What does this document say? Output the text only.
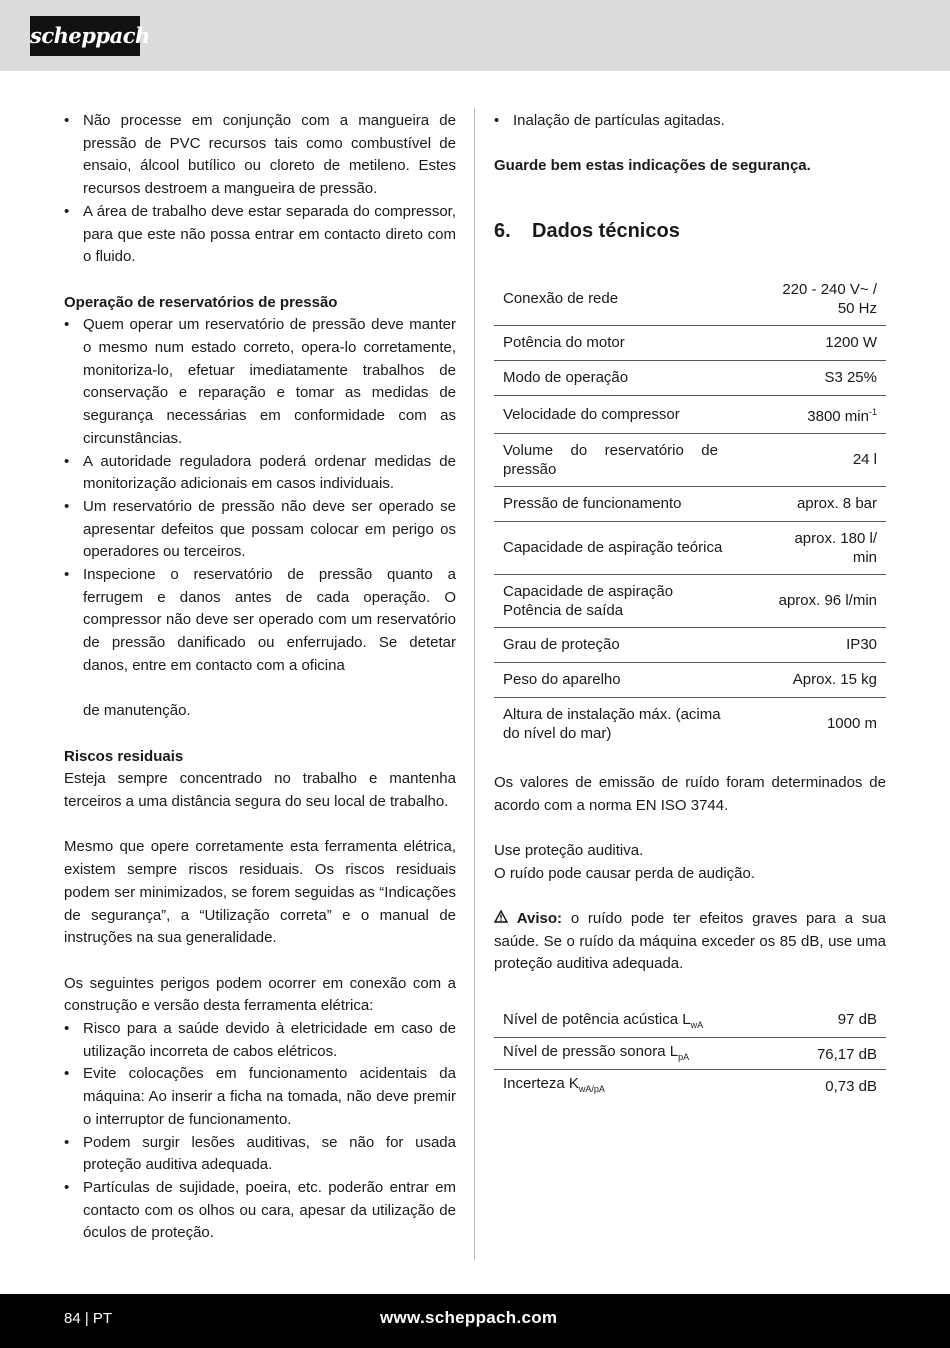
scheppach
• Não processe em conjunção com a mangueira de pressão de PVC recursos tais como combustível de ensaio, álcool butílico ou cloreto de metileno. Estes recursos destroem a mangueira de pressão.
• A área de trabalho deve estar separada do compressor, para que este não possa entrar em contacto direto com o fluido.

Operação de reservatórios de pressão

• Quem operar um reservatório de pressão deve manter o mesmo num estado correto, opera-lo corretamente, monitoriza-lo, efetuar imediatamente trabalhos de conservação e reparação e tomar as medidas de segurança necessárias em conformidade com as circunstâncias.
• A autoridade reguladora poderá ordenar medidas de monitorização adicionais em casos individuais.
• Um reservatório de pressão não deve ser operado se apresentar defeitos que possam colocar em perigo os operadores ou terceiros.
• Inspecione o reservatório de pressão quanto a ferrugem e danos antes de cada operação. O compressor não deve ser operado com um reservatório de pressão danificado ou enferrujado. Se detetar danos, entre em contacto com a oficina

de manutenção.

Riscos residuais

Esteja sempre concentrado no trabalho e mantenha terceiros a uma distância segura do seu local de trabalho.

Mesmo que opere corretamente esta ferramenta elétrica, existem sempre riscos residuais. Os riscos residuais podem ser minimizados, se forem seguidas as “Indicações de segurança”, a “Utilização correta” e o manual de instruções na sua generalidade.

Os seguintes perigos podem ocorrer em conexão com a construção e versão desta ferramenta elétrica:

• Risco para a saúde devido à eletricidade em caso de utilização incorreta de cabos elétricos.
• Evite colocações em funcionamento acidentais da máquina: Ao inserir a ficha na tomada, não deve premir o interruptor de funcionamento.
• Podem surgir lesões auditivas, se não for usada proteção auditiva adequada.
• Partículas de sujidade, poeira, etc. poderão entrar em contacto com os olhos ou cara, apesar da utilização de óculos de proteção.
• Inalação de partículas agitadas.

Guarde bem estas indicações de segurança.

6. Dados técnicos

Conexão de rede	220 - 240 V~ / 50 Hz
Potência do motor	1200 W
Modo de operação	S3 25%
Velocidade do compressor	3800 $\min^{-1}$
Volume do reservatório de pressão	24 l
Pressão de funcionamento	aprox. 8 bar
Capacidade de aspiração teórica	aprox. 180 l/ min
Capacidade de aspiração Potência de saída	aprox. 96 l/min
Grau de proteção	IP30
Peso do aparelho	Aprox. 15 kg
Altura de instalação máx. (acima do nível do mar)	1000 m

Os valores de emissão de ruído foram determinados de acordo com a norma EN ISO 3744.

Use proteção auditiva.

O ruído pode causar perda de audição.

Aviso: o ruído pode ter efeitos graves para a sua saúde. Se o ruído da máquina exceder os 85 dB, use uma proteção auditiva adequada.

Nível de potência acústica $L_{wA}$	97 dB
Nível de pressão sonora $L_{pA}$	76,17 dB
Incerteza $K_{wA/pA}$	0,73 dB
84 | PT	www.scheppach.com
